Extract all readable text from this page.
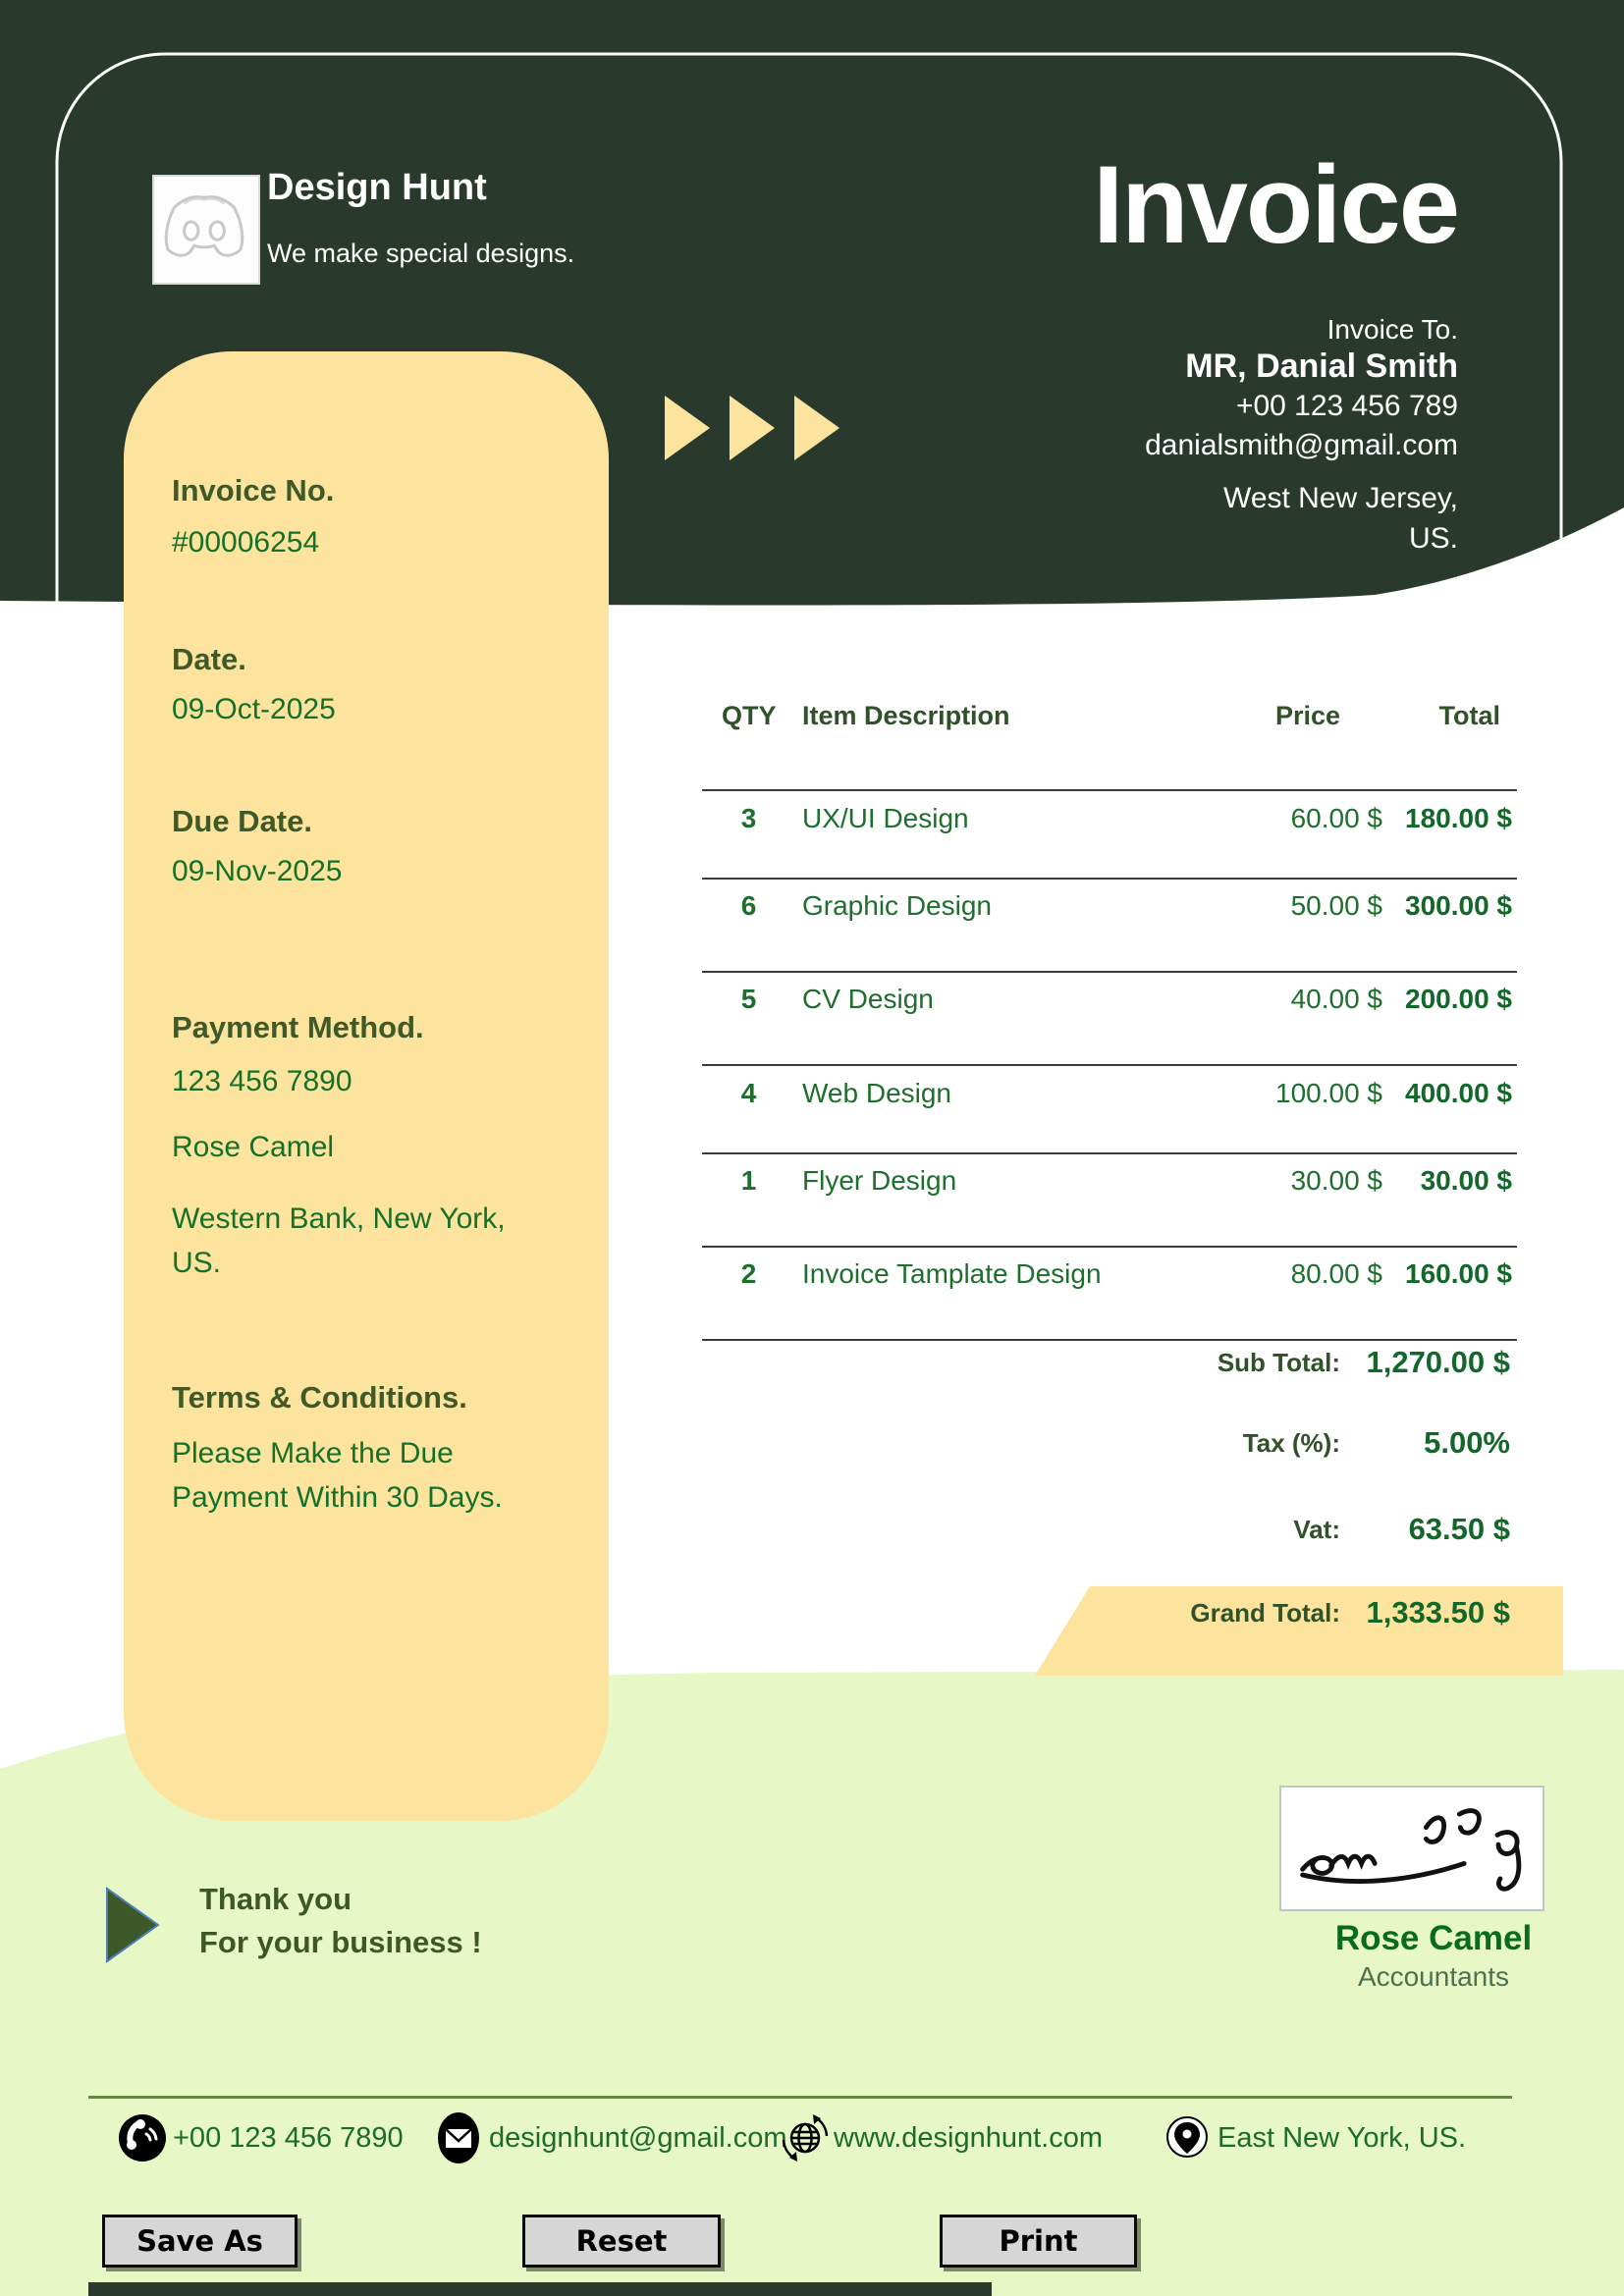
Design Hunt
We make special designs.	Invoice
Invoice To.
MR, Danial Smith
+00 123 456 789
danialsmith@gmail.com
West New Jersey,
US.
Invoice No.
#00006254
Date.
09-Oct-2025
Due Date.
09-Nov-2025
Payment Method.
123 456 7890
Rose Camel
Western Bank, New York,
US.
Terms & Conditions.
Please Make the Due
Payment Within 30 Days.
QTY Item Description	Price	Total
3	UX/UI Design	60.00 $ 180.00 $
6	Graphic Design	50.00 $ 300.00 $
5	CV Design	40.00 $ 200.00 $
4	Web Design	100.00 $ 400.00 $
1	Flyer Design	30.00 $	30.00 $
2	Invoice Tamplate Design	80.00 $ 160.00 $
Sub Total: 1,270.00 $
Tax (%):	5.00%
Vat:	63.50 $
Grand Total: 1,333.50 $
Thank you
For your business !	Rose Camel
Accountants
+00 123 456 7890	designhunt@gmail.com www.designhunt.com	East New York, US.
Save As	Reset	Print
